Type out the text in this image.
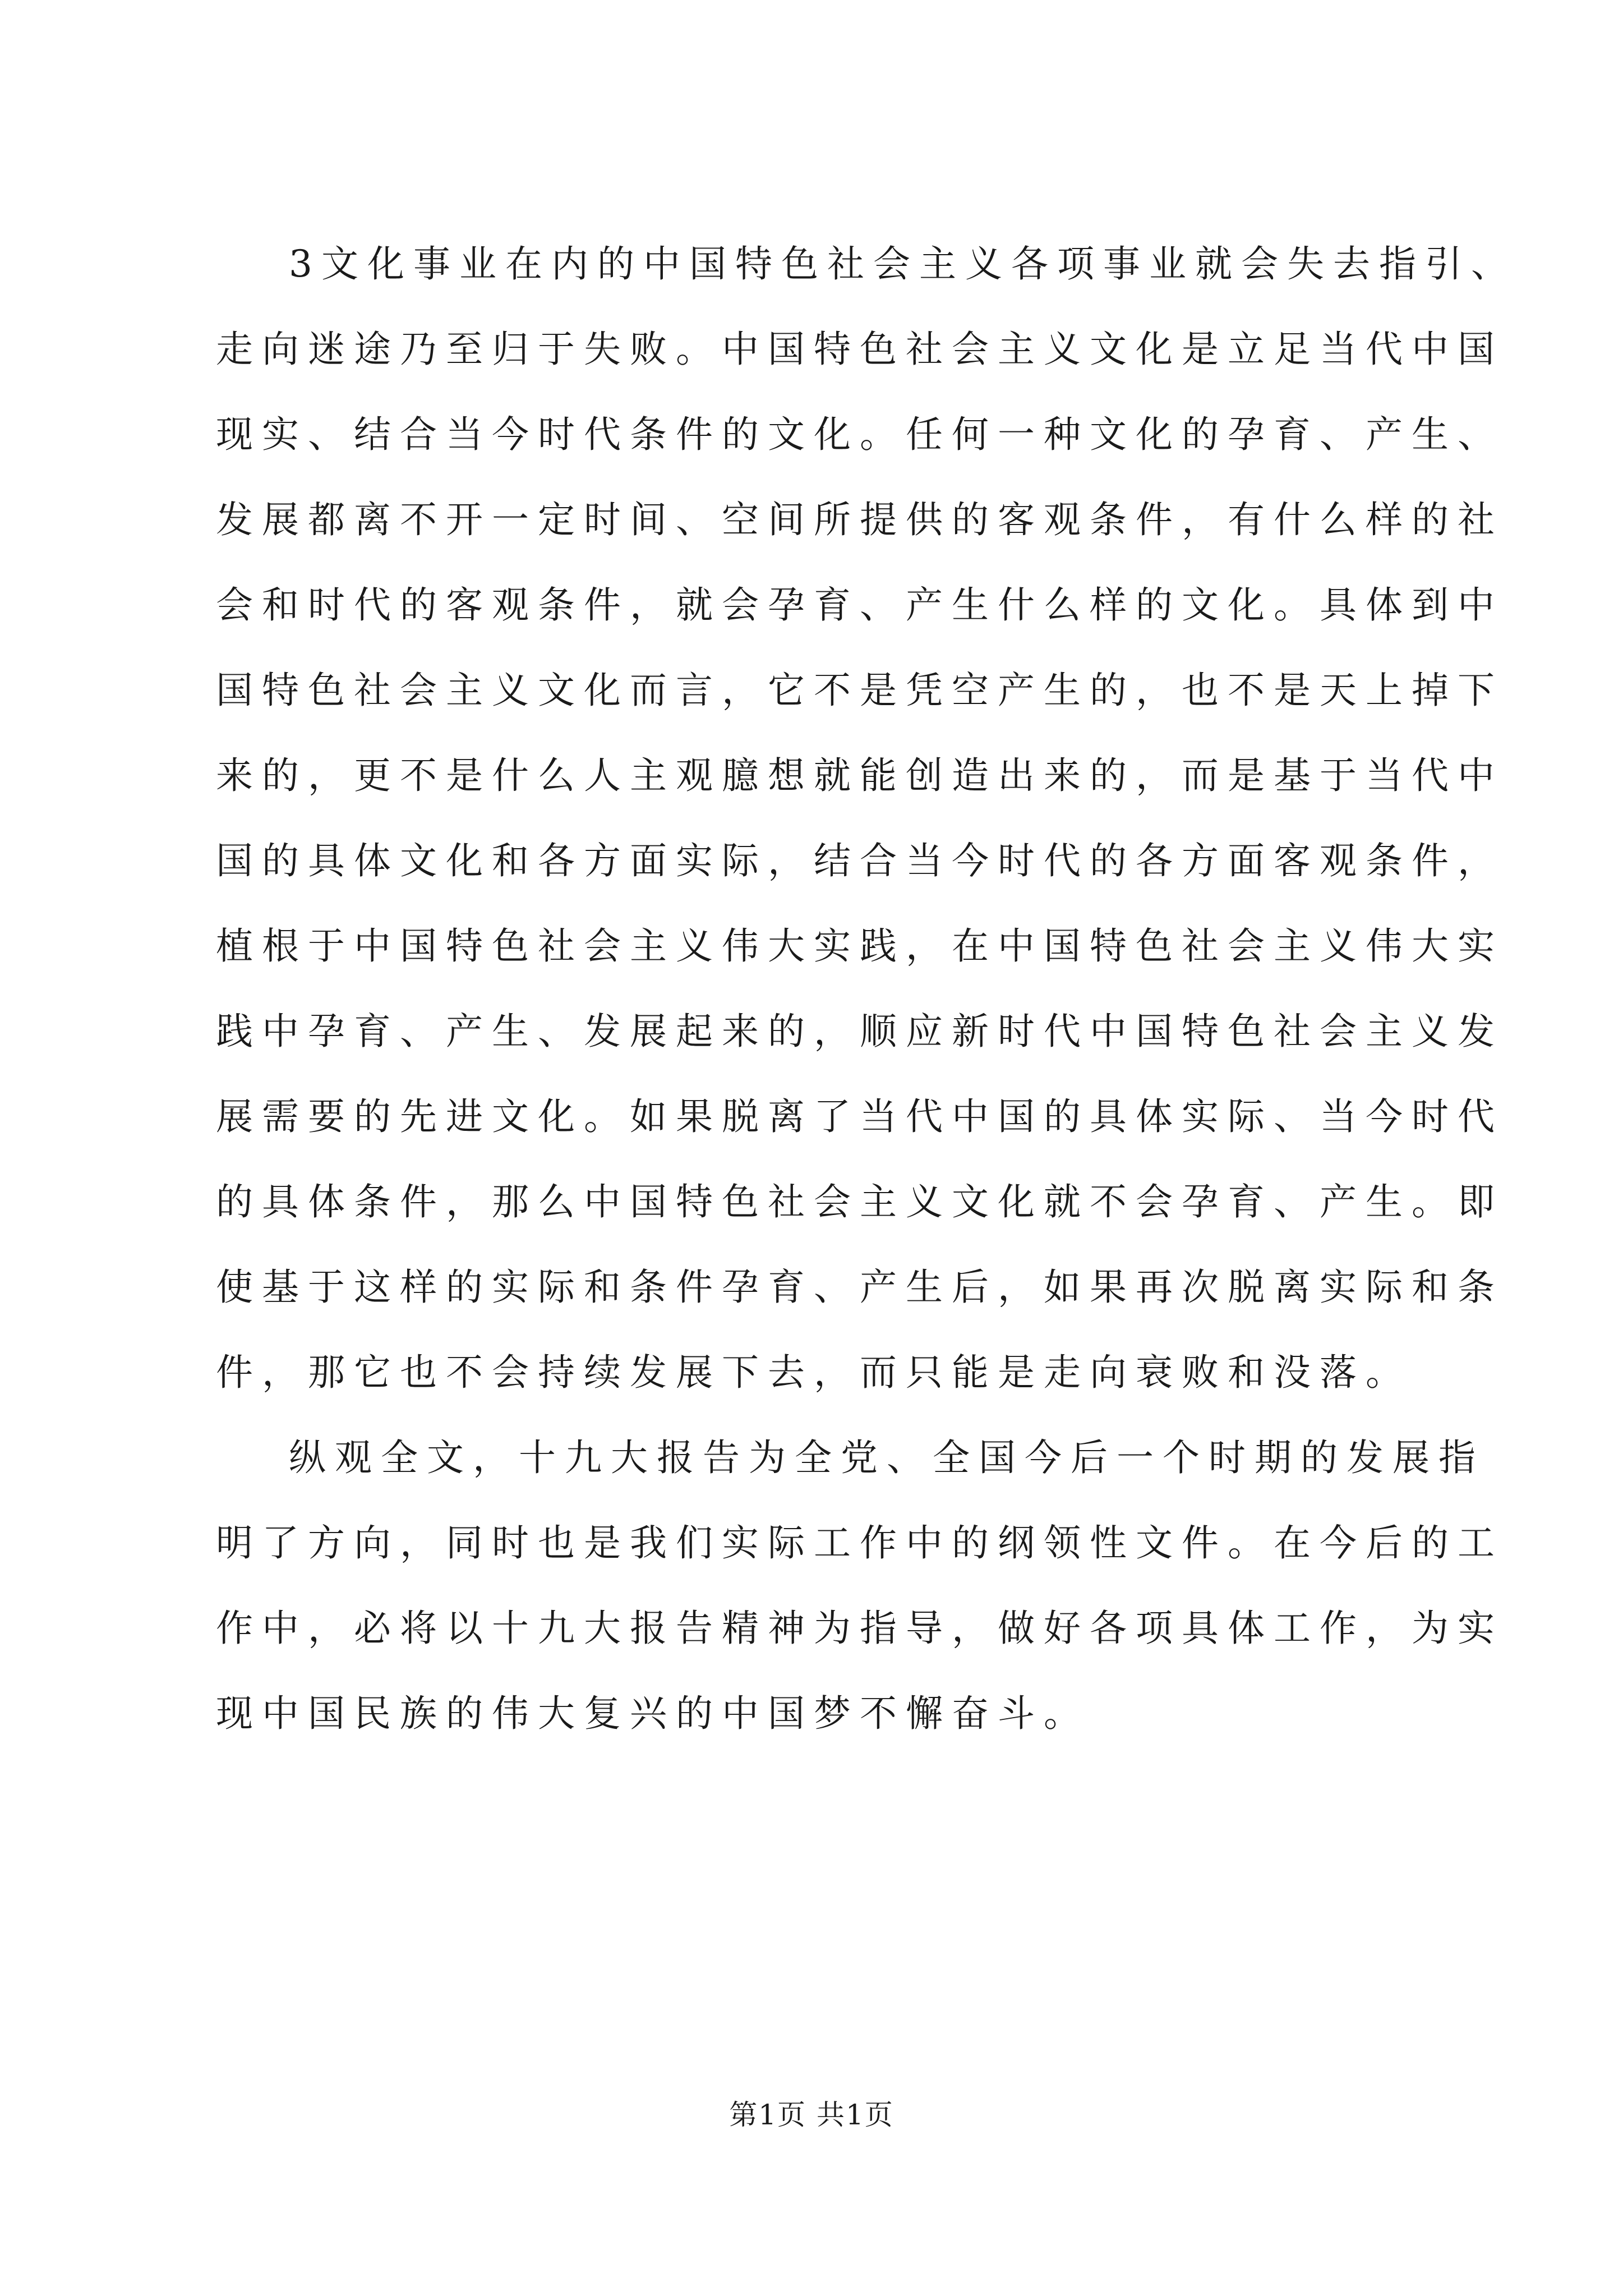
3文化事业在内的中国特色社会主义各项事业就会失去指引、
走向迷途乃至归于失败。中国特色社会主义文化是立足当代中国
现实、结合当今时代条件的文化。任何一种文化的孕育、产生、
发展都离不开一定时间、空间所提供的客观条件，有什么样的社
会和时代的客观条件，就会孕育、产生什么样的文化。具体到中
国特色社会主义文化而言，它不是凭空产生的，也不是天上掉下
来的，更不是什么人主观臆想就能创造出来的，而是基于当代中
国的具体文化和各方面实际，结合当今时代的各方面客观条件，
植根于中国特色社会主义伟大实践，在中国特色社会主义伟大实
践中孕育、产生、发展起来的，顺应新时代中国特色社会主义发
展需要的先进文化。如果脱离了当代中国的具体实际、当今时代
的具体条件，那么中国特色社会主义文化就不会孕育、产生。即
使基于这样的实际和条件孕育、产生后，如果再次脱离实际和条
件，那它也不会持续发展下去，而只能是走向衰败和没落。
纵观全文，十九大报告为全党、全国今后一个时期的发展指
明了方向，同时也是我们实际工作中的纲领性文件。在今后的工
作中，必将以十九大报告精神为指导，做好各项具体工作，为实
现中国民族的伟大复兴的中国梦不懈奋斗。
第1页 共1页
